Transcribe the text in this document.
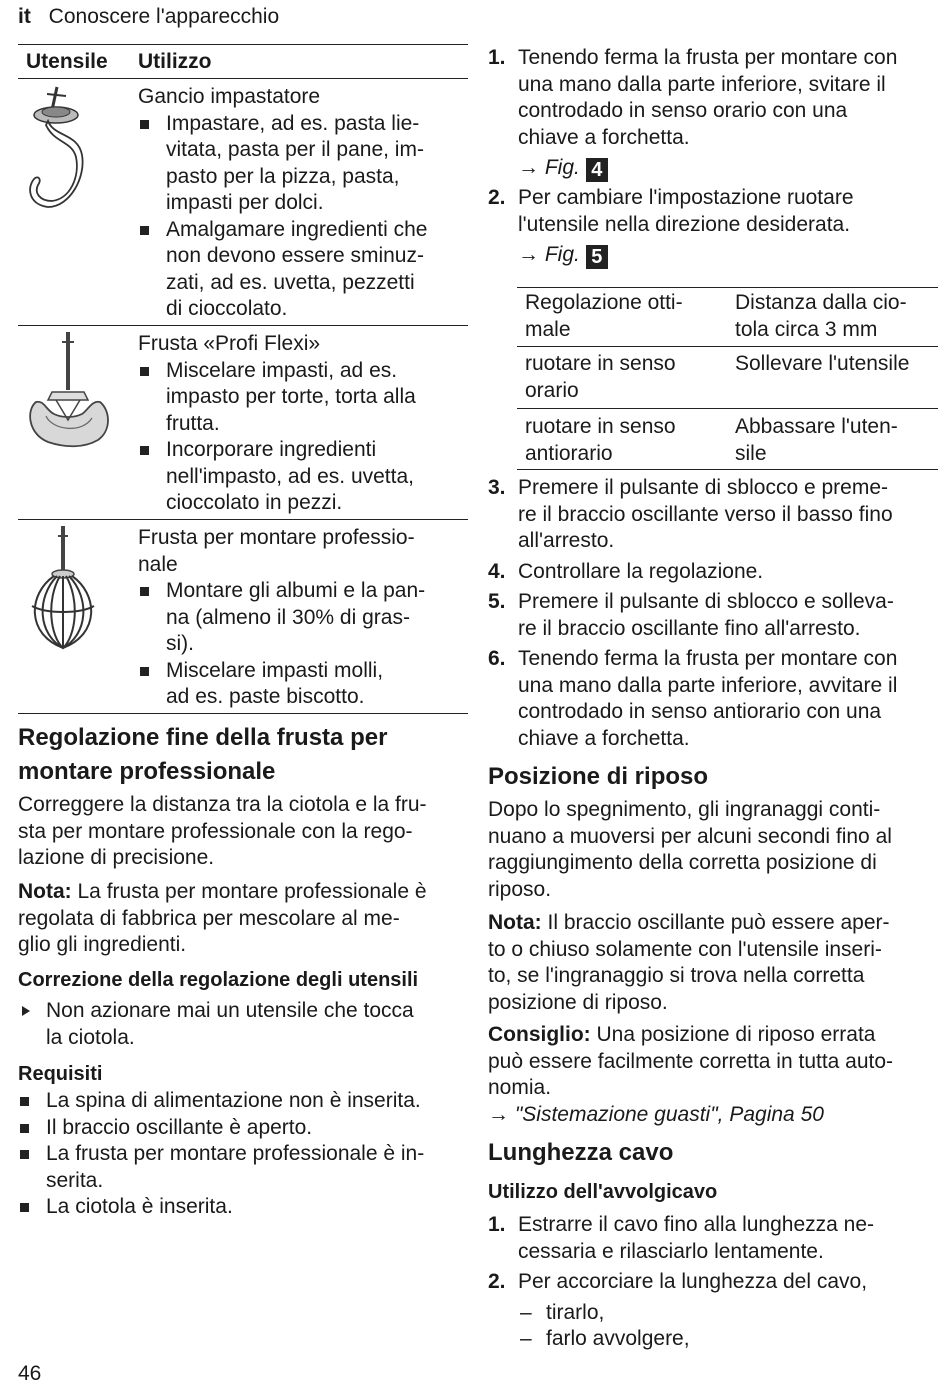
it Conoscere l'apparecchio
Utensile Utilizzo

Gancio impastatore

Impastare, ad es. pasta lie-
vitata, pasta per il pane, im-
pasto per la pizza, pasta,
impasti per dolci.
Amalgamare ingredienti che
non devono essere sminuz-
zati, ad es. uvetta, pezzetti
di cioccolato.

Frusta «Profi Flexi»

Miscelare impasti, ad es.
impasto per torte, torta alla
frutta.
Incorporare ingredienti
nell'impasto, ad es. uvetta,
cioccolato in pezzi.

Frusta per montare professio-

nale

Montare gli albumi e la pan-
na (almeno il 30% di gras-
si).
Miscelare impasti molli,
ad es. paste biscotto.
Regolazione fine della frusta per
montare professionale
Correggere la distanza tra la ciotola e la fru-
sta per montare professionale con la rego-
lazione di precisione.
Nota: La frusta per montare professionale è
regolata di fabbrica per mescolare al me-
glio gli ingredienti.
Correzione della regolazione degli utensili
Non azionare mai un utensile che tocca
la ciotola.
Requisiti
La spina di alimentazione non è inserita.
Il braccio oscillante è aperto.
La frusta per montare professionale è in-
serita.
La ciotola è inserita.
1. Tenendo ferma la frusta per montare con
una mano dalla parte inferiore, svitare il
controdado in senso orario con una
chiave a forchetta.
→ Fig. 4
2. Per cambiare l'impostazione ruotare
l'utensile nella direzione desiderata.
→ Fig. 5
Regolazione otti-
male
Distanza dalla cio-
tola circa 3 mm
ruotare in senso
orario
Sollevare l'utensile
ruotare in senso
antiorario
Abbassare l'uten-
sile
3. Premere il pulsante di sblocco e preme-
re il braccio oscillante verso il basso fino
all'arresto.
4. Controllare la regolazione.
5. Premere il pulsante di sblocco e solleva-
re il braccio oscillante fino all'arresto.
6. Tenendo ferma la frusta per montare con
una mano dalla parte inferiore, avvitare il
controdado in senso antiorario con una
chiave a forchetta.
Posizione di riposo
Dopo lo spegnimento, gli ingranaggi conti-
nuano a muoversi per alcuni secondi fino al
raggiungimento della corretta posizione di
riposo.
Nota: Il braccio oscillante può essere aper-
to o chiuso solamente con l'utensile inseri-
to, se l'ingranaggio si trova nella corretta
posizione di riposo.
Consiglio: Una posizione di riposo errata
può essere facilmente corretta in tutta auto-
nomia.
→ "Sistemazione guasti", Pagina 50
Lunghezza cavo
Utilizzo dell'avvolgicavo
1. Estrarre il cavo fino alla lunghezza ne-
cessaria e rilasciarlo lentamente.
2. Per accorciare la lunghezza del cavo,
– tirarlo,
– farlo avvolgere,
46
